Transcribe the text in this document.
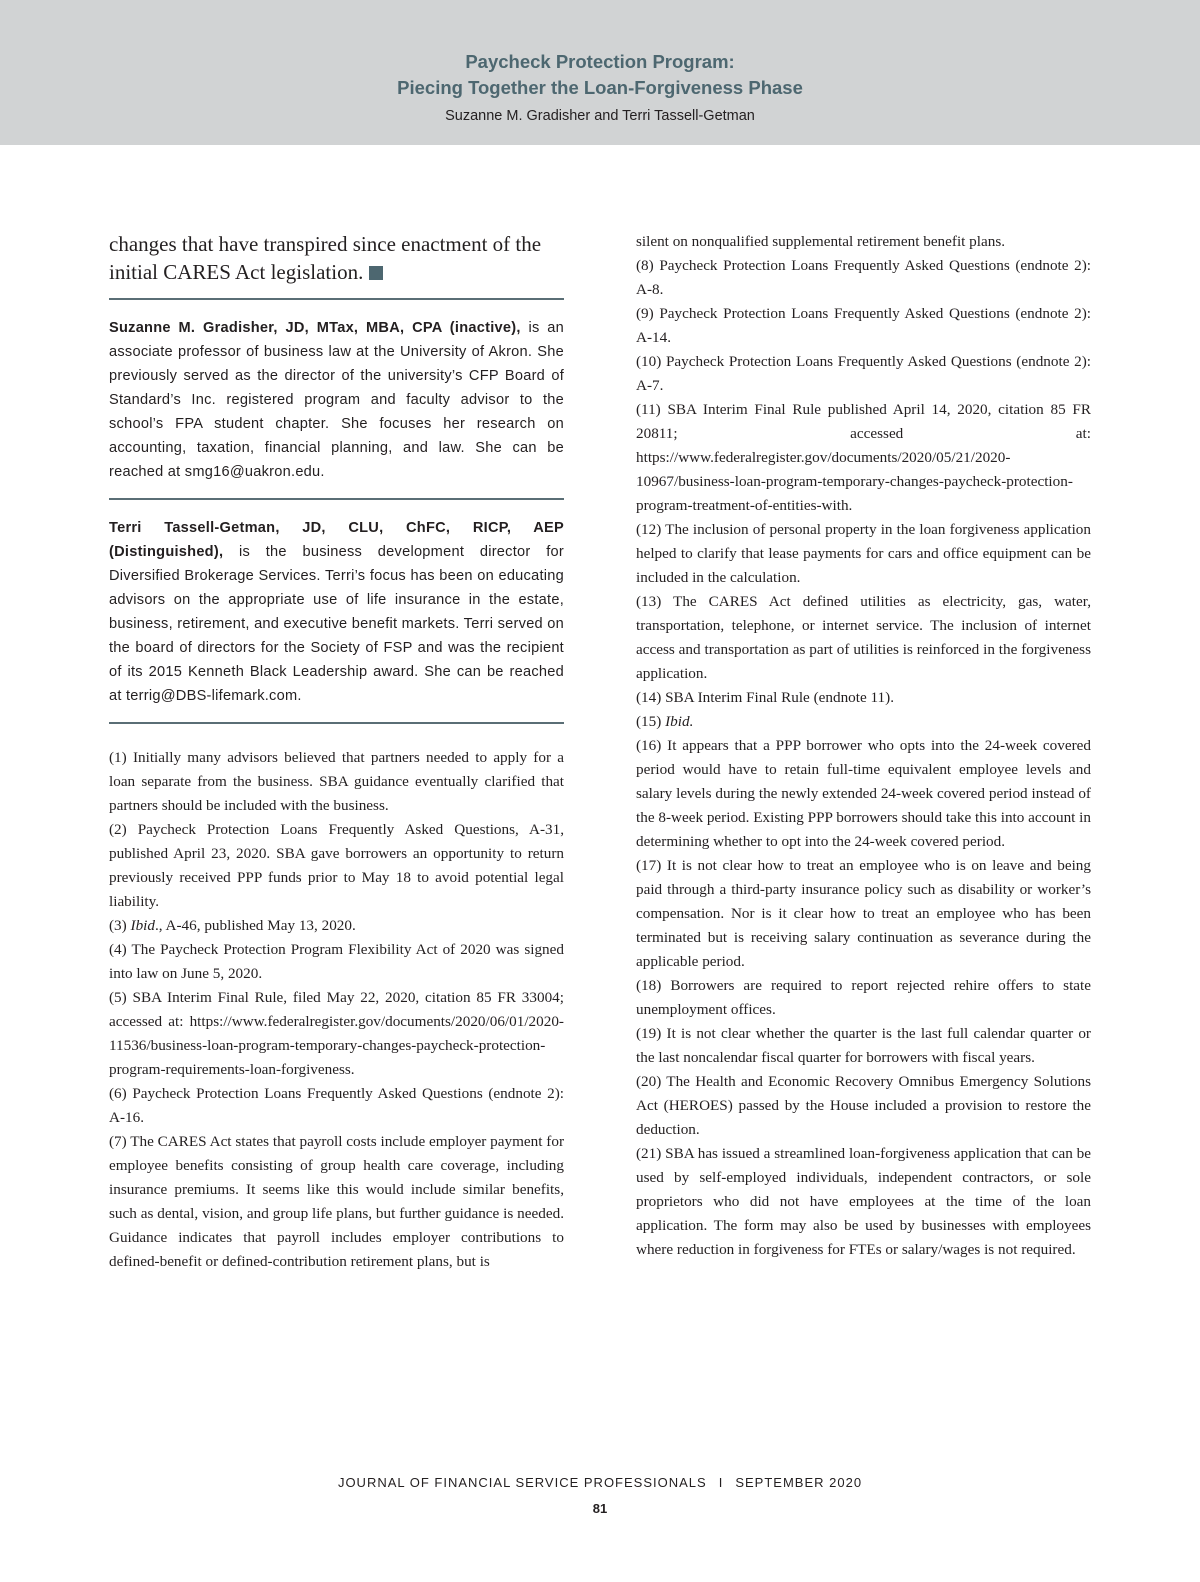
Paycheck Protection Program:
Piecing Together the Loan-Forgiveness Phase
Suzanne M. Gradisher and Terri Tassell-Getman

changes that have transpired since enactment of the initial CARES Act legislation.

Suzanne M. Gradisher, JD, MTax, MBA, CPA (inactive), is an associate professor of business law at the University of Akron. She previously served as the director of the university’s CFP Board of Standard’s Inc. registered program and faculty advisor to the school’s FPA student chapter. She focuses her research on accounting, taxation, financial planning, and law. She can be reached at smg16@uakron.edu.

Terri Tassell-Getman, JD, CLU, ChFC, RICP, AEP (Distinguished), is the business development director for Diversified Brokerage Services. Terri’s focus has been on educating advisors on the appropriate use of life insurance in the estate, business, retirement, and executive benefit markets. Terri served on the board of directors for the Society of FSP and was the recipient of its 2015 Kenneth Black Leadership award. She can be reached at terrig@DBS-lifemark.com.

(1) Initially many advisors believed that partners needed to apply for a loan separate from the business. SBA guidance eventually clarified that partners should be included with the business.
(2) Paycheck Protection Loans Frequently Asked Questions, A-31, published April 23, 2020. SBA gave borrowers an opportunity to return previously received PPP funds prior to May 18 to avoid potential legal liability.
(3) Ibid., A-46, published May 13, 2020.
(4) The Paycheck Protection Program Flexibility Act of 2020 was signed into law on June 5, 2020.
(5) SBA Interim Final Rule, filed May 22, 2020, citation 85 FR 33004; accessed at: https://www.federalregister.gov/documents/2020/06/01/2020-11536/business-loan-program-temporary-changes-paycheck-protection-program-requirements-loan-forgiveness.
(6) Paycheck Protection Loans Frequently Asked Questions (endnote 2): A-16.
(7) The CARES Act states that payroll costs include employer payment for employee benefits consisting of group health care coverage, including insurance premiums. It seems like this would include similar benefits, such as dental, vision, and group life plans, but further guidance is needed. Guidance indicates that payroll includes employer contributions to defined-benefit or defined-contribution retirement plans, but is
silent on nonqualified supplemental retirement benefit plans.
(8) Paycheck Protection Loans Frequently Asked Questions (endnote 2): A-8.
(9) Paycheck Protection Loans Frequently Asked Questions (endnote 2): A-14.
(10) Paycheck Protection Loans Frequently Asked Questions (endnote 2): A-7.
(11) SBA Interim Final Rule published April 14, 2020, citation 85 FR 20811; accessed at: https://www.federalregister.gov/documents/2020/05/21/2020-10967/business-loan-program-temporary-changes-paycheck-protection-program-treatment-of-entities-with.
(12) The inclusion of personal property in the loan forgiveness application helped to clarify that lease payments for cars and office equipment can be included in the calculation.
(13) The CARES Act defined utilities as electricity, gas, water, transportation, telephone, or internet service. The inclusion of internet access and transportation as part of utilities is reinforced in the forgiveness application.
(14) SBA Interim Final Rule (endnote 11).
(15) Ibid.
(16) It appears that a PPP borrower who opts into the 24-week covered period would have to retain full-time equivalent employee levels and salary levels during the newly extended 24-week covered period instead of the 8-week period. Existing PPP borrowers should take this into account in determining whether to opt into the 24-week covered period.
(17) It is not clear how to treat an employee who is on leave and being paid through a third-party insurance policy such as disability or worker’s compensation. Nor is it clear how to treat an employee who has been terminated but is receiving salary continuation as severance during the applicable period.
(18) Borrowers are required to report rejected rehire offers to state unemployment offices.
(19) It is not clear whether the quarter is the last full calendar quarter or the last noncalendar fiscal quarter for borrowers with fiscal years.
(20) The Health and Economic Recovery Omnibus Emergency Solutions Act (HEROES) passed by the House included a provision to restore the deduction.
(21) SBA has issued a streamlined loan-forgiveness application that can be used by self-employed individuals, independent contractors, or sole proprietors who did not have employees at the time of the loan application. The form may also be used by businesses with employees where reduction in forgiveness for FTEs or salary/wages is not required.
JOURNAL OF FINANCIAL SERVICE PROFESSIONALS I SEPTEMBER 2020
81
